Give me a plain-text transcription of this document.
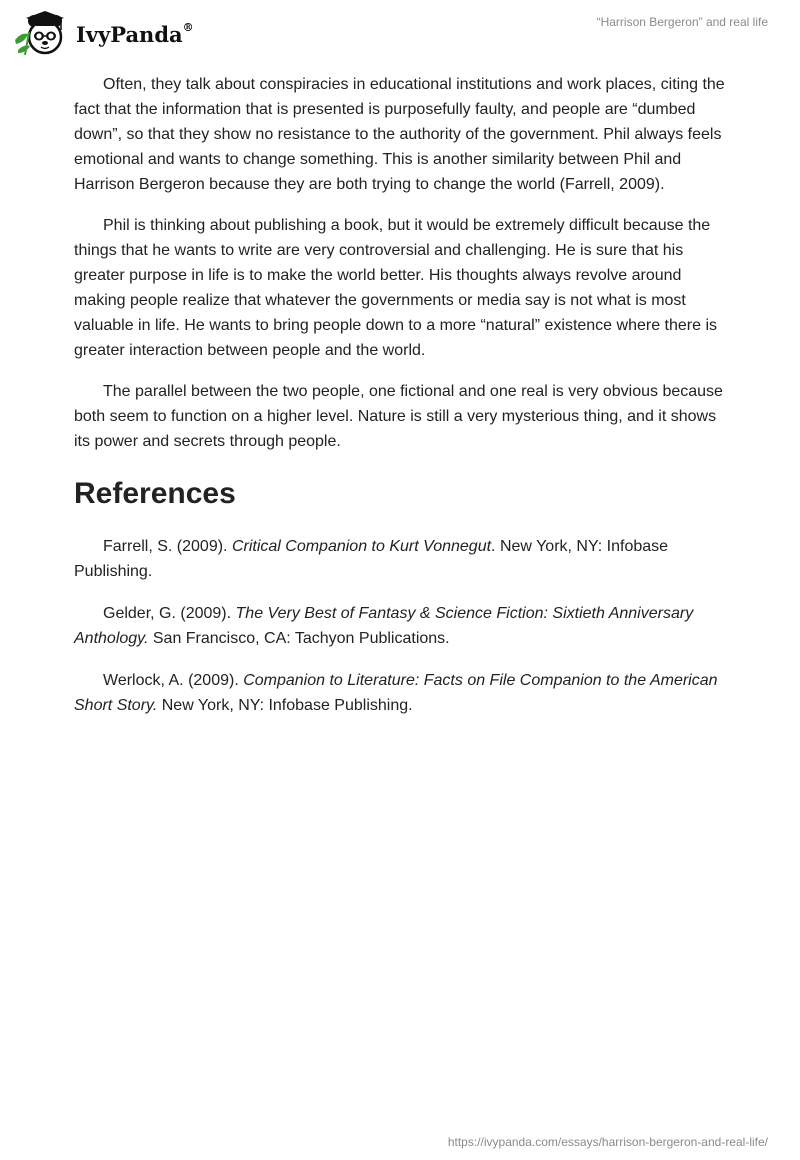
IvyPanda®	“Harrison Bergeron” and real life

Often, they talk about conspiracies in educational institutions and work places, citing the fact that the information that is presented is purposefully faulty, and people are “dumbed down”, so that they show no resistance to the authority of the government. Phil always feels emotional and wants to change something. This is another similarity between Phil and Harrison Bergeron because they are both trying to change the world (Farrell, 2009).

Phil is thinking about publishing a book, but it would be extremely difficult because the things that he wants to write are very controversial and challenging. He is sure that his greater purpose in life is to make the world better. His thoughts always revolve around making people realize that whatever the governments or media say is not what is most valuable in life. He wants to bring people down to a more “natural” existence where there is greater interaction between people and the world.

The parallel between the two people, one fictional and one real is very obvious because both seem to function on a higher level. Nature is still a very mysterious thing, and it shows its power and secrets through people.

References

Farrell, S. (2009). Critical Companion to Kurt Vonnegut. New York, NY: Infobase Publishing.

Gelder, G. (2009). The Very Best of Fantasy & Science Fiction: Sixtieth Anniversary Anthology. San Francisco, CA: Tachyon Publications.

Werlock, A. (2009). Companion to Literature: Facts on File Companion to the American Short Story. New York, NY: Infobase Publishing.

https://ivypanda.com/essays/harrison-bergeron-and-real-life/
